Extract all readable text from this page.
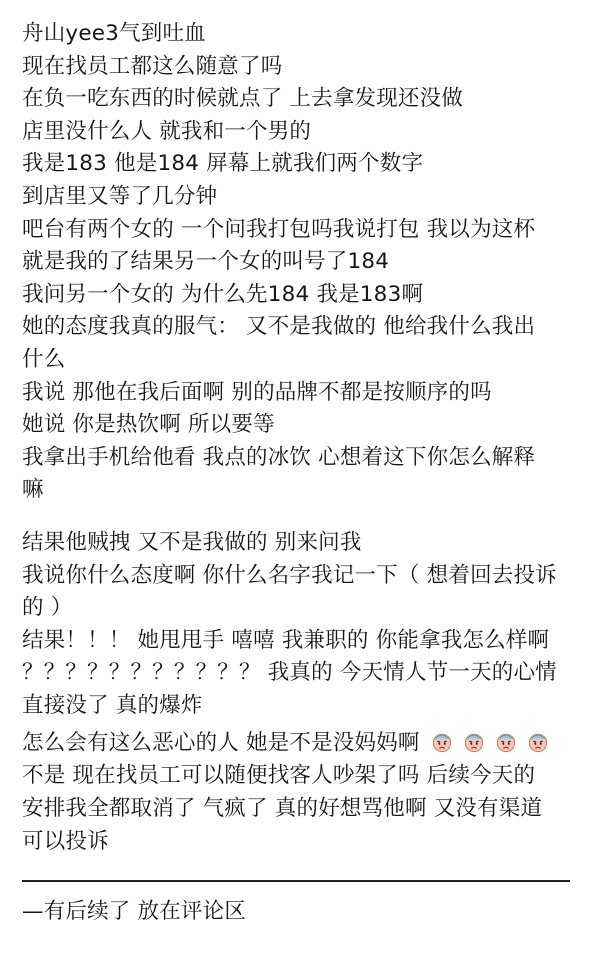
舟山yee3气到吐血
现在找员工都这么随意了吗
在负一吃东西的时候就点了 上去拿发现还没做
店里没什么人 就我和一个男的
我是183 他是184 屏幕上就我们两个数字
到店里又等了几分钟
吧台有两个女的 一个问我打包吗我说打包 我以为这杯
就是我的了结果另一个女的叫号了184
我问另一个女的 为什么先184 我是183啊
她的态度我真的服气： 又不是我做的 他给我什么我出
什么
我说 那他在我后面啊 别的品牌不都是按顺序的吗
她说 你是热饮啊 所以要等
我拿出手机给他看 我点的冰饮 心想着这下你怎么解释
嘛
结果他贼拽 又不是我做的 别来问我
我说你什么态度啊 你什么名字我记一下（ 想着回去投诉
的 ）
结果！！！ 她甩甩手 嘻嘻 我兼职的 你能拿我怎么样啊
？？？？？？？？？？？ 我真的 今天情人节一天的心情
直接没了 真的爆炸
怎么会有这么恶心的人 她是不是没妈妈啊
不是 现在找员工可以随便找客人吵架了吗 后续今天的
安排我全都取消了 气疯了 真的好想骂他啊 又没有渠道
可以投诉
—有后续了 放在评论区
